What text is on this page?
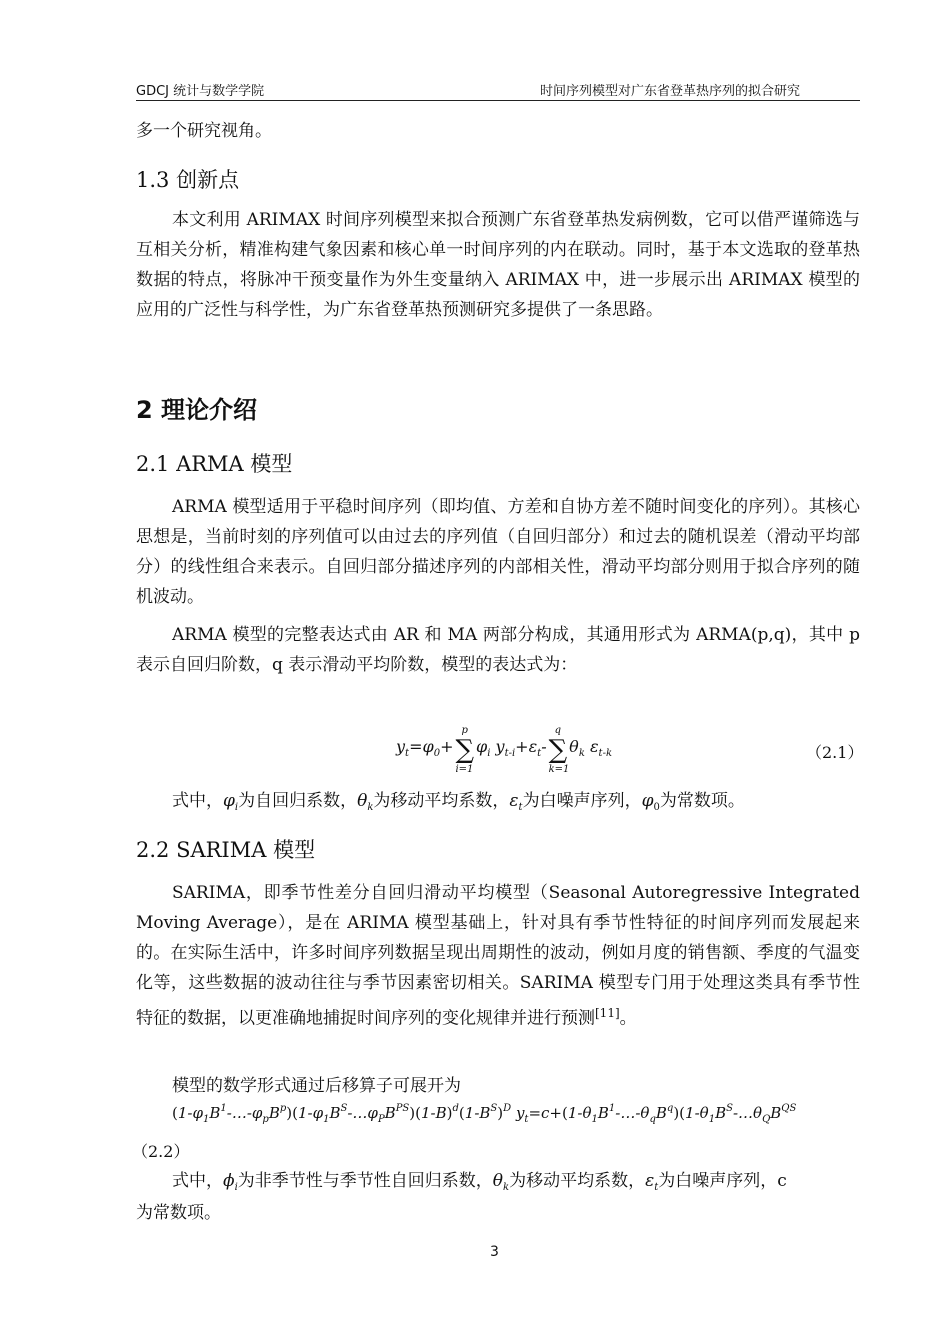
GDCJ 统计与数学学院	时间序列模型对广东省登革热序列的拟合研究
多一个研究视角。
1.3 创新点
本文利用 ARIMAX 时间序列模型来拟合预测广东省登革热发病例数，它可以借严谨筛选与互相关分析，精准构建气象因素和核心单一时间序列的内在联动。同时，基于本文选取的登革热数据的特点，将脉冲干预变量作为外生变量纳入 ARIMAX 中，进一步展示出 ARIMAX 模型的应用的广泛性与科学性，为广东省登革热预测研究多提供了一条思路。
2 理论介绍
2.1 ARMA 模型
ARMA 模型适用于平稳时间序列（即均值、方差和自协方差不随时间变化的序列）。其核心思想是，当前时刻的序列值可以由过去的序列值（自回归部分）和过去的随机误差（滑动平均部分）的线性组合来表示。自回归部分描述序列的内部相关性，滑动平均部分则用于拟合序列的随机波动。
ARMA 模型的完整表达式由 AR 和 MA 两部分构成，其通用形式为 ARMA(p,q)，其中 p 表示自回归阶数，q 表示滑动平均阶数，模型的表达式为：
$y_t=\varphi_0+\sum$
p
i=1
$\varphi_i$ $y_{t-i}+\varepsilon_t-\sum$
q
k=1
$\theta_k$ $\varepsilon_{t-k}$	（2.1）
式中，$\varphi_i$为自回归系数，$\theta_k$为移动平均系数，$\varepsilon_t$为白噪声序列，$\varphi_0$为常数项。
2.2 SARIMA 模型
SARIMA，即季节性差分自回归滑动平均模型（Seasonal Autoregressive Integrated Moving Average），是在 ARIMA 模型基础上，针对具有季节性特征的时间序列而发展起来的。在实际生活中，许多时间序列数据呈现出周期性的波动，例如月度的销售额、季度的气温变化等，这些数据的波动往往与季节因素密切相关。SARIMA 模型专门用于处理这类具有季节性特征的数据，以更准确地捕捉时间序列的变化规律并进行预测[11]。
模型的数学形式通过后移算子可展开为
$(1-\varphi_1B^1-\dots-\varphi_pB^p)(1-\varphi_1B^S-\dots\varphi_PB^{PS})(1-B)^d(1-B^S)^D$ $y_t=c+(1-\theta_1B^1-\dots-\theta_qB^q)(1-\theta_1B^S-\dots\theta_QB^{QS}$
（2.2）
式中，$\phi_i$为非季节性与季节性自回归系数，$\theta_k$为移动平均系数，$\varepsilon_t$为白噪声序列，c
为常数项。
3
